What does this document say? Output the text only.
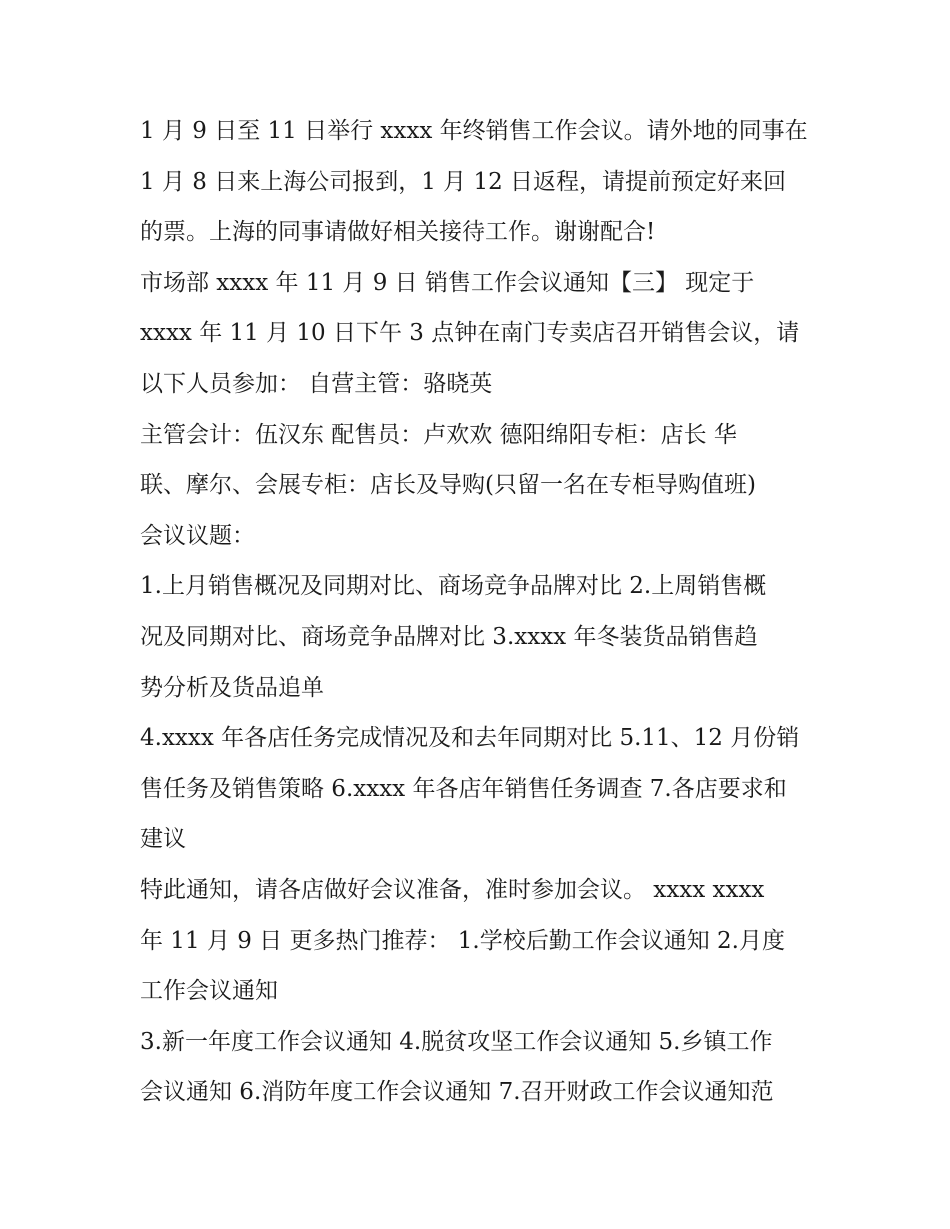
1 月 9 日至 11 日举行 xxxx 年终销售工作会议。请外地的同事在
1 月 8 日来上海公司报到，1 月 12 日返程，请提前预定好来回
的票。上海的同事请做好相关接待工作。谢谢配合!
市场部 xxxx 年 11 月 9 日 销售工作会议通知【三】 现定于
xxxx 年 11 月 10 日下午 3 点钟在南门专卖店召开销售会议，请
以下人员参加： 自营主管：骆晓英
主管会计：伍汉东 配售员：卢欢欢 德阳绵阳专柜：店长 华
联、摩尔、会展专柜：店长及导购(只留一名在专柜导购值班)
会议议题：
1.上月销售概况及同期对比、商场竞争品牌对比 2.上周销售概
况及同期对比、商场竞争品牌对比 3.xxxx 年冬装货品销售趋
势分析及货品追单
4.xxxx 年各店任务完成情况及和去年同期对比 5.11、12 月份销
售任务及销售策略 6.xxxx 年各店年销售任务调查 7.各店要求和
建议
特此通知，请各店做好会议准备，准时参加会议。 xxxx xxxx
年 11 月 9 日 更多热门推荐： 1.学校后勤工作会议通知 2.月度
工作会议通知
3.新一年度工作会议通知 4.脱贫攻坚工作会议通知 5.乡镇工作
会议通知 6.消防年度工作会议通知 7.召开财政工作会议通知范
